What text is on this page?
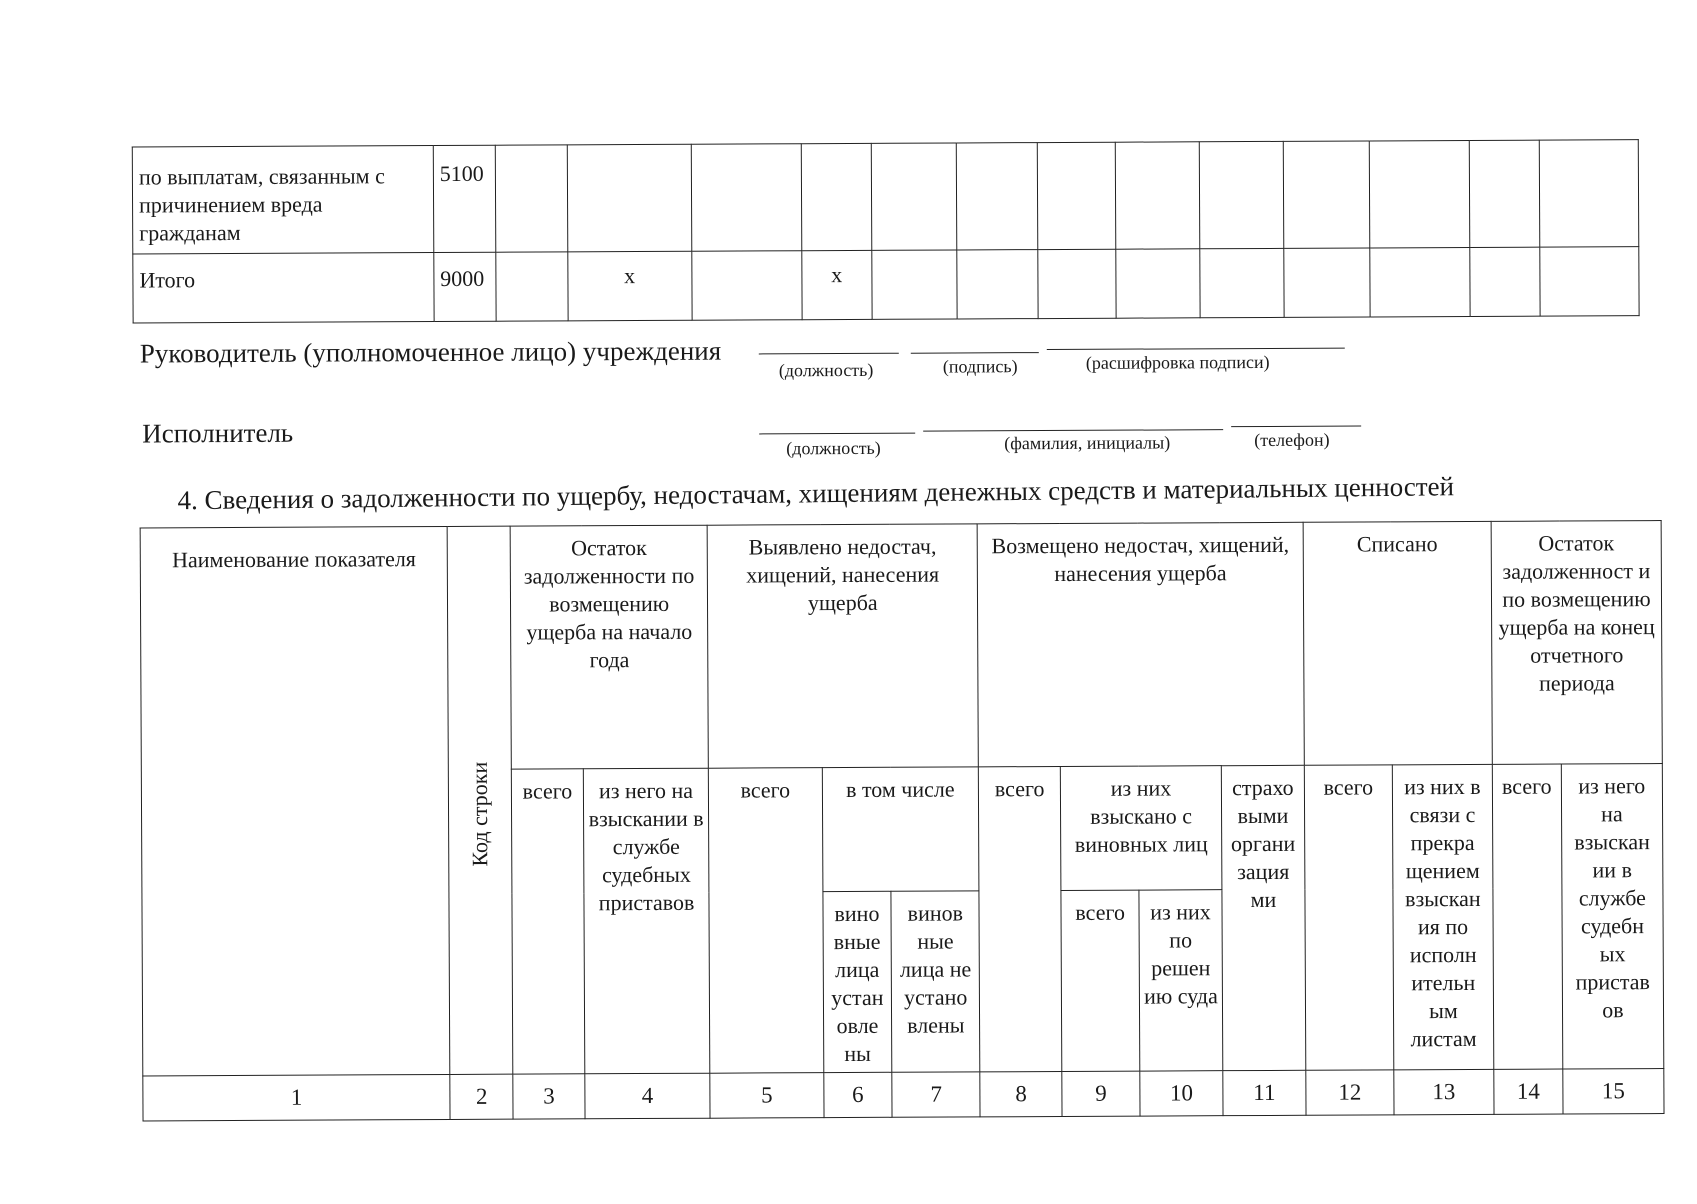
по выплатам, связанным с причинением вреда гражданам	5100													
Итого	9000		х		х									
Руководитель (уполномоченное лицо) учреждения
(должность)	(подпись)	(расшифровка подписи)
Исполнитель	(должность)	(фамилия, инициалы)	(телефон)
4. Сведения о задолженности по ущербу, недостачам, хищениям денежных средств и материальных ценностей
Наименование показателя	Код строки	Остаток задолженности по возмещению ущерба на начало года		Выявлено недостач, хищений, нанесения ущерба			Возмещено недостач, хищений, нанесения ущерба				Списано		Остаток задолженност и по возмещению ущерба на конец отчетного периода	
		всего	из него на взыскании в службе судебных приставов	всего	в том числе		всего	из них взыскано с виновных лиц		страхо выми органи зация ми	всего	из них в связи с прекра щением взыскан ия по исполн ительн ым листам	всего	из него на взыскан ии в службе судебн ых пристав ов
					вино вные лица устан овле ны	винов ные лица не устано влены		всего	из них по решен ию суда					
1	2	3	4	5	6	7	8	9	10	11	12	13	14	15
